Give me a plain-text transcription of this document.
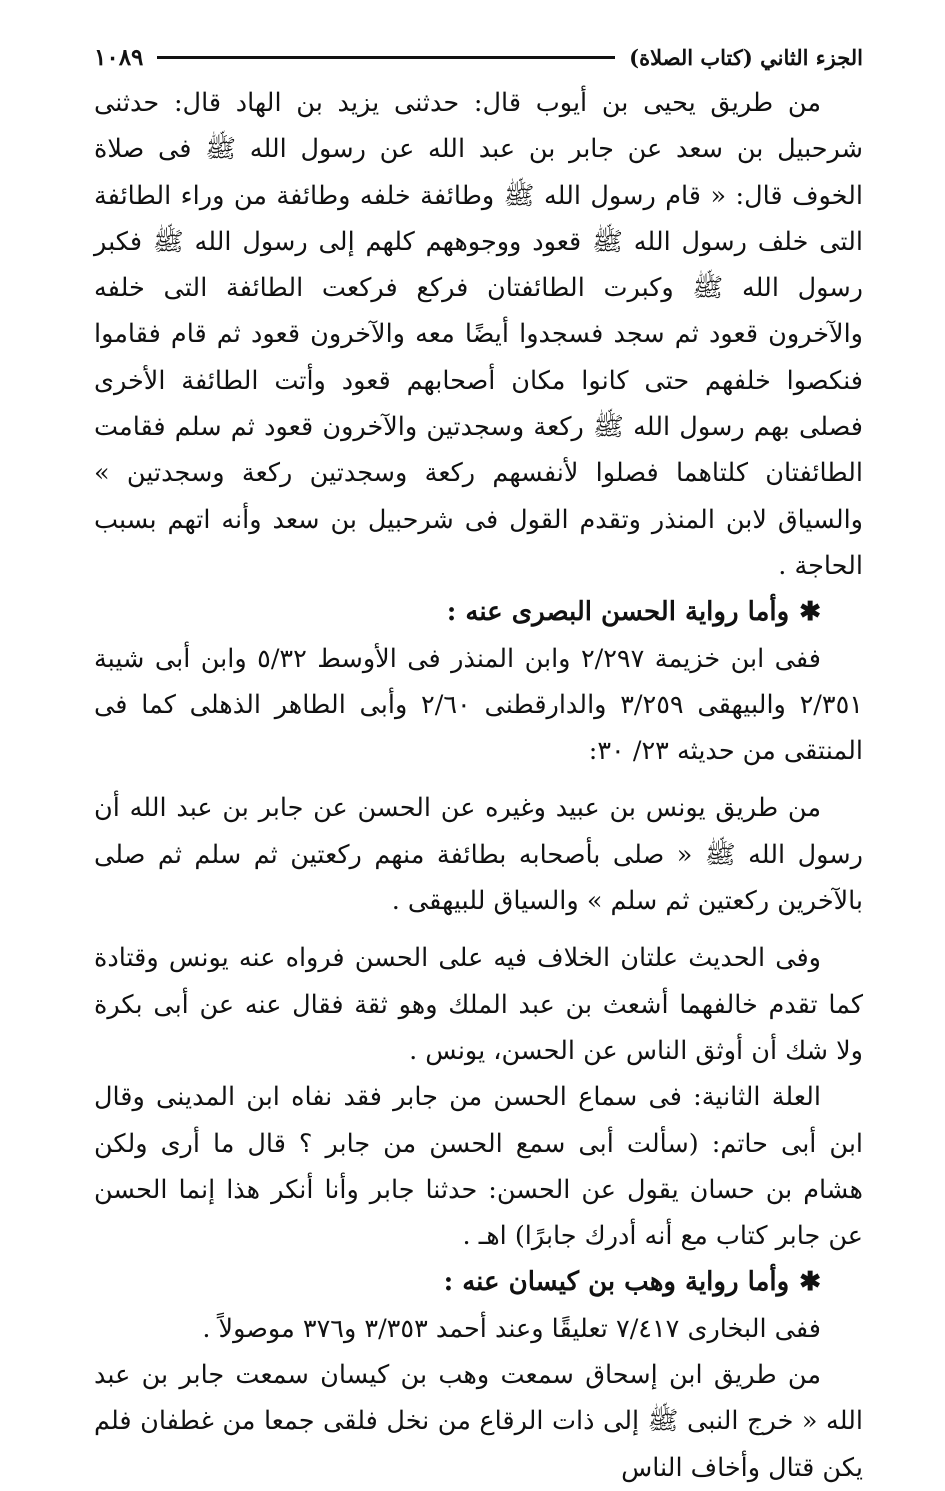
الجزء الثاني (كتاب الصلاة)
١٠٨٩

من طريق يحيى بن أيوب قال: حدثنى يزيد بن الهاد قال: حدثنى شرحبيل بن سعد عن جابر بن عبد الله عن رسول الله ﷺ فى صلاة الخوف قال: « قام رسول الله ﷺ وطائفة خلفه وطائفة من وراء الطائفة التى خلف رسول الله ﷺ قعود ووجوههم كلهم إلى رسول الله ﷺ فكبر رسول الله ﷺ وكبرت الطائفتان فركع فركعت الطائفة التى خلفه والآخرون قعود ثم سجد فسجدوا أيضًا معه والآخرون قعود ثم قام فقاموا فنكصوا خلفهم حتى كانوا مكان أصحابهم قعود وأتت الطائفة الأخرى فصلى بهم رسول الله ﷺ ركعة وسجدتين والآخرون قعود ثم سلم فقامت الطائفتان كلتاهما فصلوا لأنفسهم ركعة وسجدتين ركعة وسجدتين » والسياق لابن المنذر وتقدم القول فى شرحبيل بن سعد وأنه اتهم بسبب الحاجة .

✱وأما رواية الحسن البصرى عنه :

ففى ابن خزيمة ٢/٢٩٧ وابن المنذر فى الأوسط ٥/٣٢ وابن أبى شيبة ٢/٣٥١ والبيهقى ٣/٢٥٩ والدارقطنى ٢/٦٠ وأبى الطاهر الذهلى كما فى المنتقى من حديثه ٢٣/ ٣٠:

من طريق يونس بن عبيد وغيره عن الحسن عن جابر بن عبد الله أن رسول الله ﷺ « صلى بأصحابه بطائفة منهم ركعتين ثم سلم ثم صلى بالآخرين ركعتين ثم سلم » والسياق للبيهقى .

وفى الحديث علتان الخلاف فيه على الحسن فرواه عنه يونس وقتادة كما تقدم خالفهما أشعث بن عبد الملك وهو ثقة فقال عنه عن أبى بكرة ولا شك أن أوثق الناس عن الحسن، يونس .

العلة الثانية: فى سماع الحسن من جابر فقد نفاه ابن المدينى وقال ابن أبى حاتم: (سألت أبى سمع الحسن من جابر ؟ قال ما أرى ولكن هشام بن حسان يقول عن الحسن: حدثنا جابر وأنا أنكر هذا إنما الحسن عن جابر كتاب مع أنه أدرك جابرًا) اهـ .

✱وأما رواية وهب بن كيسان عنه :

ففى البخارى ٧/٤١٧ تعليقًا وعند أحمد ٣/٣٥٣ و٣٧٦ موصولاً .

من طريق ابن إسحاق سمعت وهب بن كيسان سمعت جابر بن عبد الله « خرج النبى ﷺ إلى ذات الرقاع من نخل فلقى جمعا من غطفان فلم يكن قتال وأخاف الناس
